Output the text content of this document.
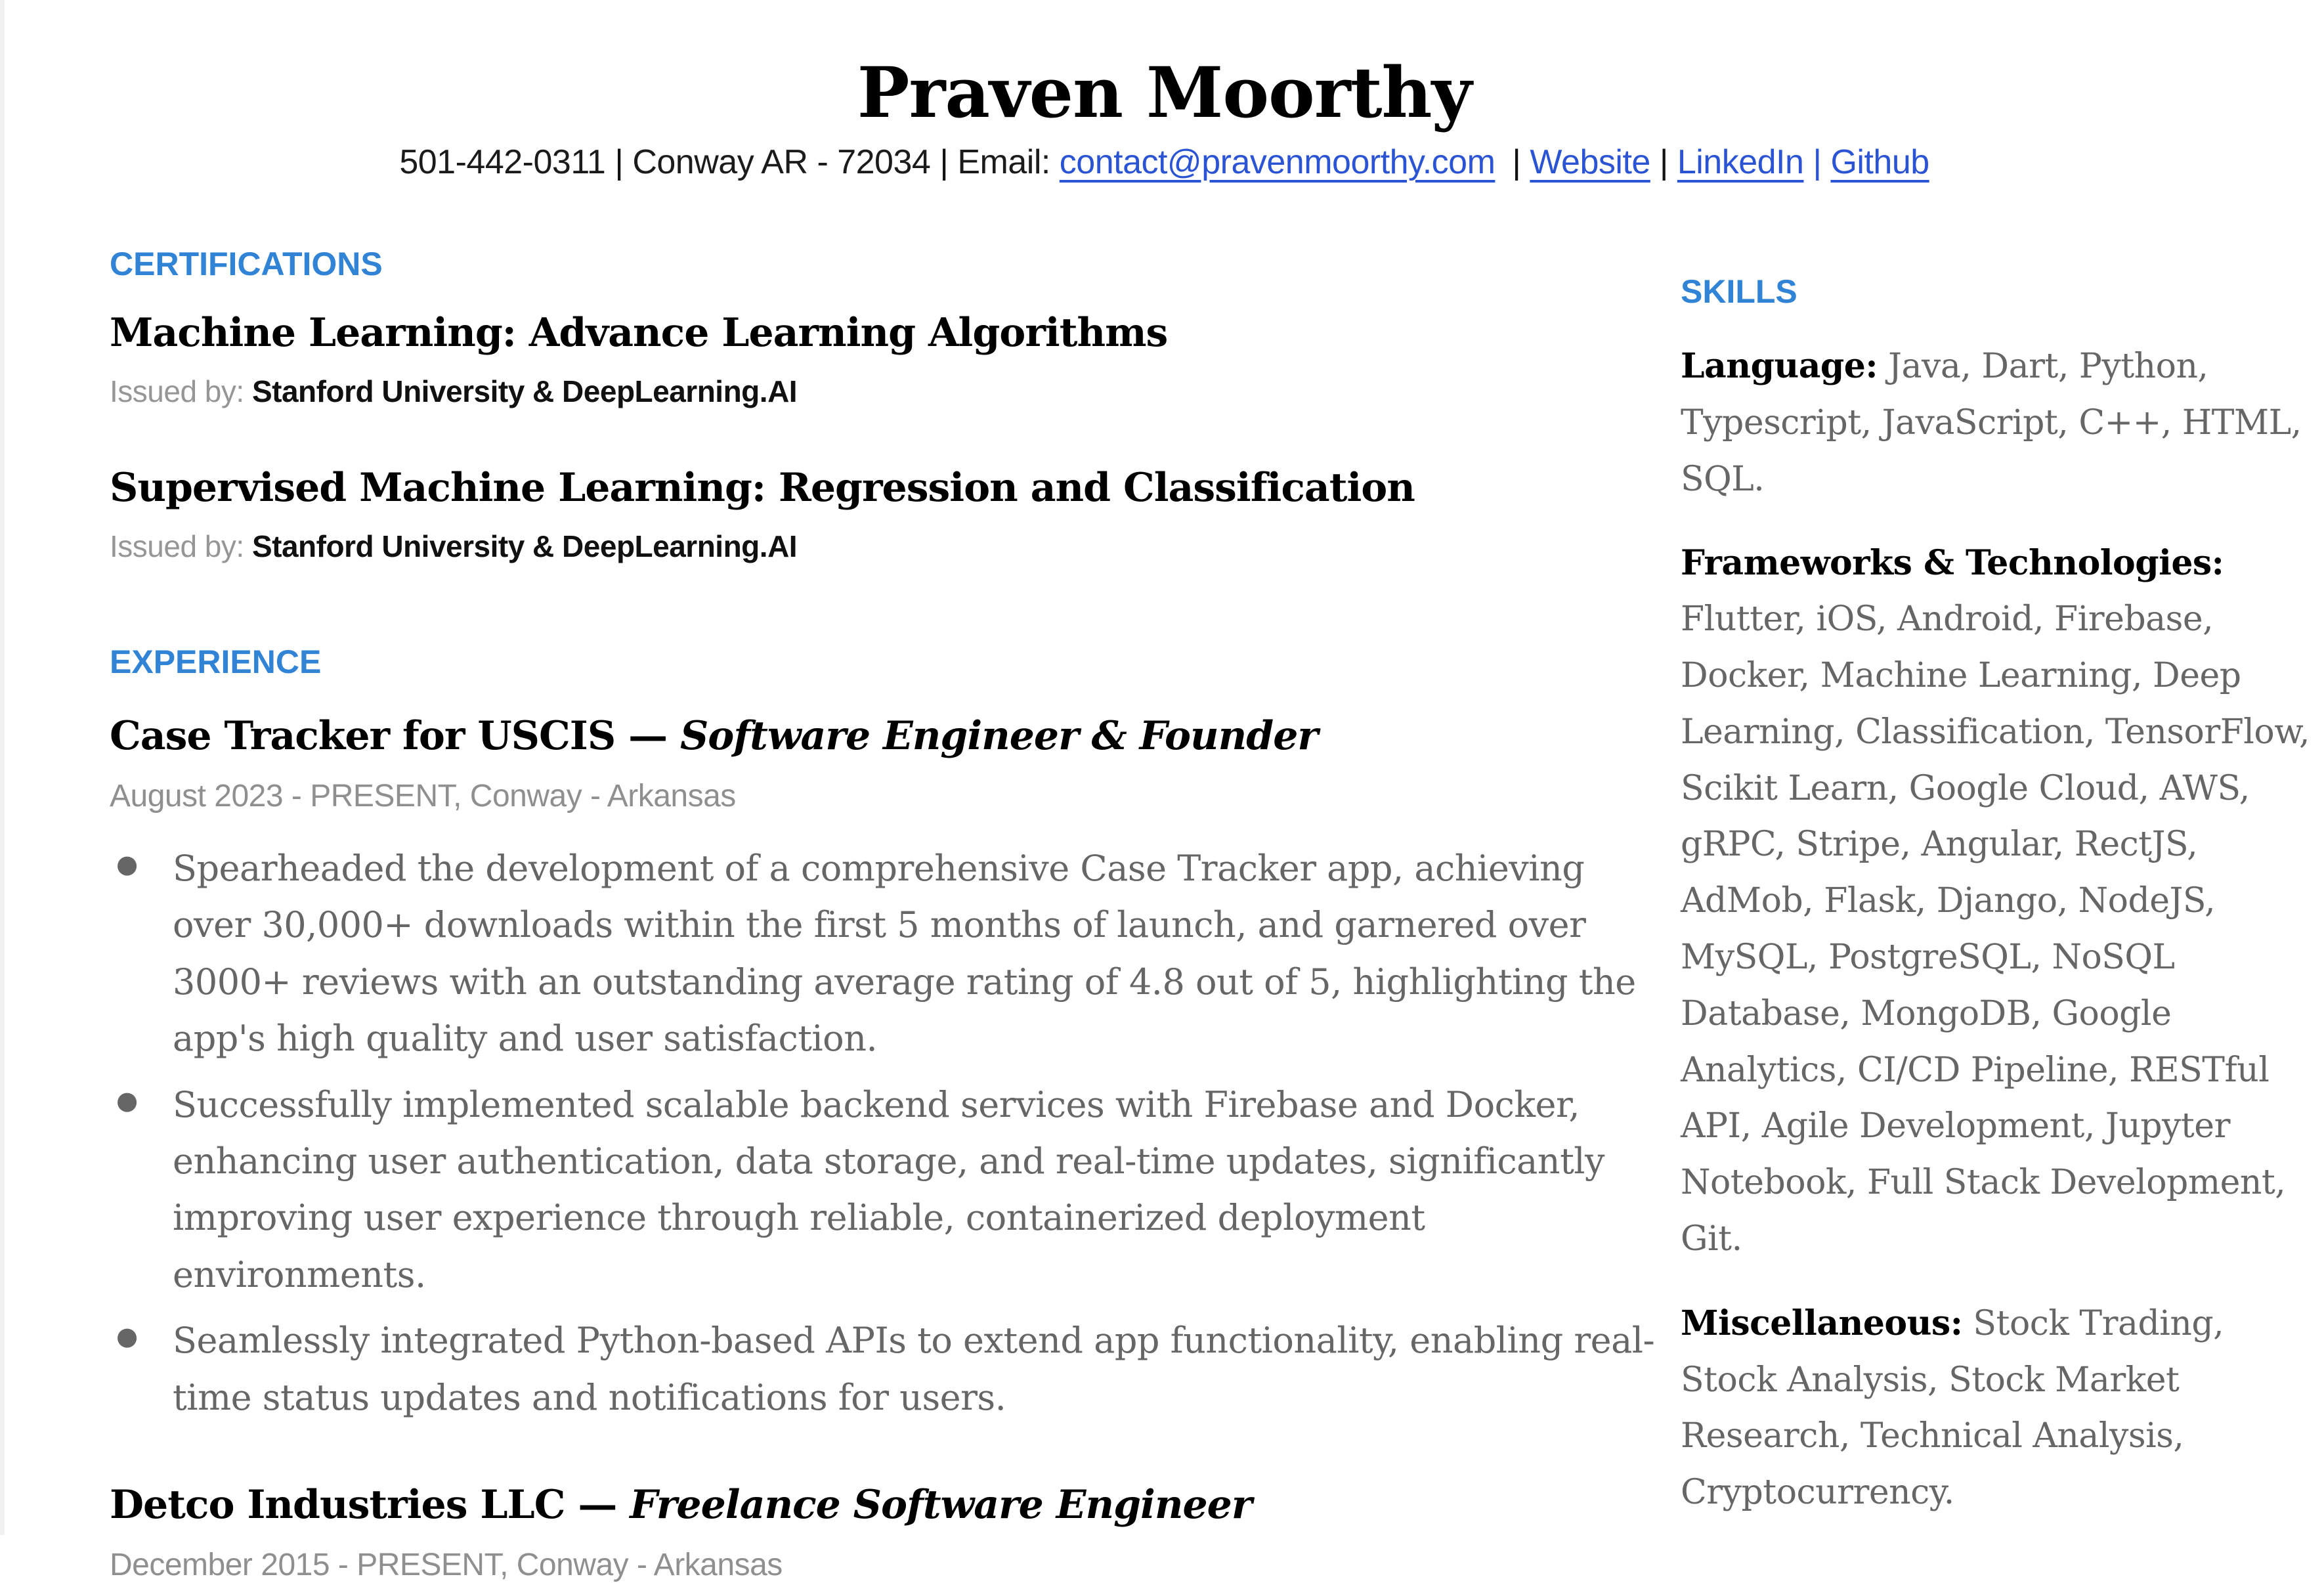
Praven Moorthy
501-442-0311 | Conway AR - 72034 | Email: contact@pravenmoorthy.com | Website | LinkedIn | Github
CERTIFICATIONS
Machine Learning: Advance Learning Algorithms
Issued by: Stanford University & DeepLearning.AI
Supervised Machine Learning: Regression and Classification
Issued by: Stanford University & DeepLearning.AI
EXPERIENCE
Case Tracker for USCIS — Software Engineer & Founder
August 2023 - PRESENT, Conway - Arkansas
● Spearheaded the development of a comprehensive Case Tracker app, achieving over 30,000+ downloads within the first 5 months of launch, and garnered over 3000+ reviews with an outstanding average rating of 4.8 out of 5, highlighting the app's high quality and user satisfaction.
● Successfully implemented scalable backend services with Firebase and Docker, enhancing user authentication, data storage, and real-time updates, significantly improving user experience through reliable, containerized deployment environments.
● Seamlessly integrated Python-based APIs to extend app functionality, enabling real-time status updates and notifications for users.
Detco Industries LLC — Freelance Software Engineer
December 2015 - PRESENT, Conway - Arkansas
SKILLS

Language: Java, Dart, Python, Typescript, JavaScript, C++, HTML, SQL.

Frameworks & Technologies:
Flutter, iOS, Android, Firebase, Docker, Machine Learning, Deep Learning, Classification, TensorFlow, Scikit Learn, Google Cloud, AWS, gRPC, Stripe, Angular, RectJS, AdMob, Flask, Django, NodeJS, MySQL, PostgreSQL, NoSQL Database, MongoDB, Google Analytics, CI/CD Pipeline, RESTful API, Agile Development, Jupyter Notebook, Full Stack Development, Git.

Miscellaneous: Stock Trading, Stock Analysis, Stock Market Research, Technical Analysis, Cryptocurrency.
